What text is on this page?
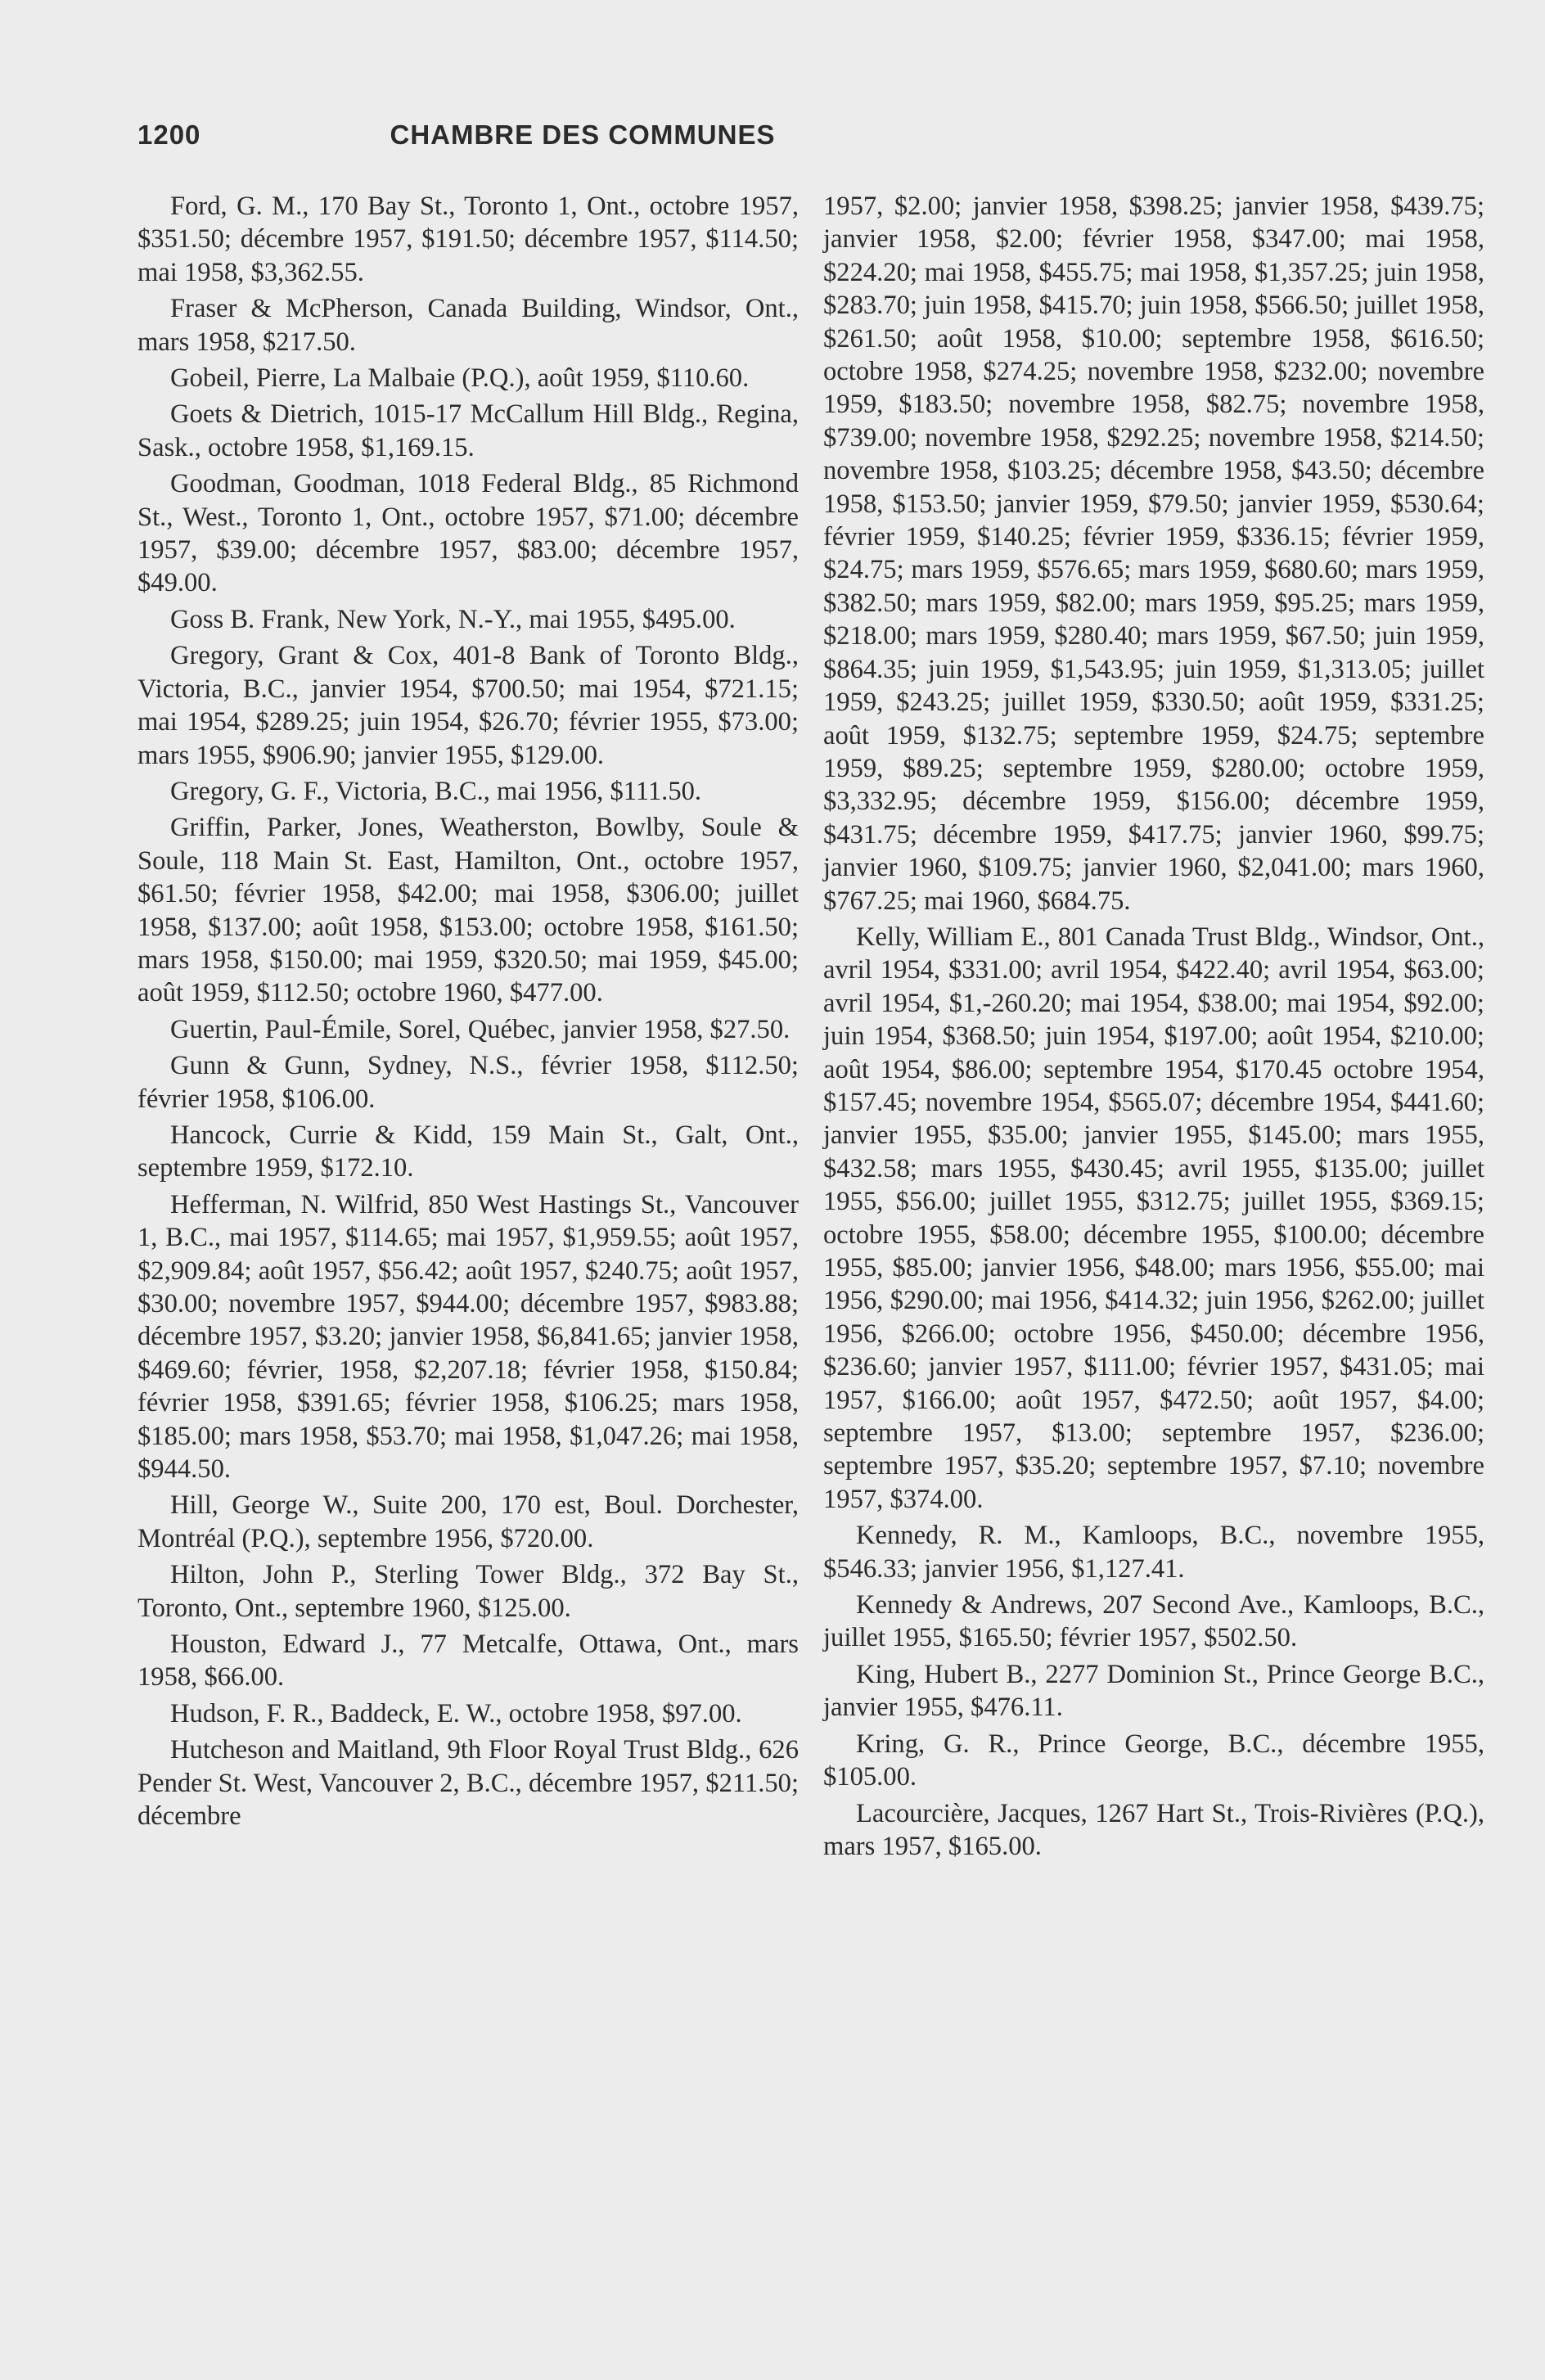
1200	CHAMBRE DES COMMUNES

Ford, G. M., 170 Bay St., Toronto 1, Ont., octobre 1957, $351.50; décembre 1957, $191.50; décembre 1957, $114.50; mai 1958, $3,362.55.

Fraser & McPherson, Canada Building, Windsor, Ont., mars 1958, $217.50.

Gobeil, Pierre, La Malbaie (P.Q.), août 1959, $110.60.

Goets & Dietrich, 1015-17 McCallum Hill Bldg., Regina, Sask., octobre 1958, $1,169.15.

Goodman, Goodman, 1018 Federal Bldg., 85 Richmond St., West., Toronto 1, Ont., octobre 1957, $71.00; décembre 1957, $39.00; décembre 1957, $83.00; décembre 1957, $49.00.

Goss B. Frank, New York, N.-Y., mai 1955, $495.00.

Gregory, Grant & Cox, 401-8 Bank of Toronto Bldg., Victoria, B.C., janvier 1954, $700.50; mai 1954, $721.15; mai 1954, $289.25; juin 1954, $26.70; février 1955, $73.00; mars 1955, $906.90; janvier 1955, $129.00.

Gregory, G. F., Victoria, B.C., mai 1956, $111.50.

Griffin, Parker, Jones, Weatherston, Bowlby, Soule & Soule, 118 Main St. East, Hamilton, Ont., octobre 1957, $61.50; février 1958, $42.00; mai 1958, $306.00; juillet 1958, $137.00; août 1958, $153.00; octobre 1958, $161.50; mars 1958, $150.00; mai 1959, $320.50; mai 1959, $45.00; août 1959, $112.50; octobre 1960, $477.00.

Guertin, Paul-Émile, Sorel, Québec, janvier 1958, $27.50.

Gunn & Gunn, Sydney, N.S., février 1958, $112.50; février 1958, $106.00.

Hancock, Currie & Kidd, 159 Main St., Galt, Ont., septembre 1959, $172.10.

Hefferman, N. Wilfrid, 850 West Hastings St., Vancouver 1, B.C., mai 1957, $114.65; mai 1957, $1,959.55; août 1957, $2,909.84; août 1957, $56.42; août 1957, $240.75; août 1957, $30.00; novembre 1957, $944.00; décembre 1957, $983.88; décembre 1957, $3.20; janvier 1958, $6,841.65; janvier 1958, $469.60; février, 1958, $2,207.18; février 1958, $150.84; février 1958, $391.65; février 1958, $106.25; mars 1958, $185.00; mars 1958, $53.70; mai 1958, $1,047.26; mai 1958, $944.50.

Hill, George W., Suite 200, 170 est, Boul. Dorchester, Montréal (P.Q.), septembre 1956, $720.00.

Hilton, John P., Sterling Tower Bldg., 372 Bay St., Toronto, Ont., septembre 1960, $125.00.

Houston, Edward J., 77 Metcalfe, Ottawa, Ont., mars 1958, $66.00.

Hudson, F. R., Baddeck, E. W., octobre 1958, $97.00.

Hutcheson and Maitland, 9th Floor Royal Trust Bldg., 626 Pender St. West, Vancouver 2, B.C., décembre 1957, $211.50; décembre

1957, $2.00; janvier 1958, $398.25; janvier 1958, $439.75; janvier 1958, $2.00; février 1958, $347.00; mai 1958, $224.20; mai 1958, $455.75; mai 1958, $1,357.25; juin 1958, $283.70; juin 1958, $415.70; juin 1958, $566.50; juillet 1958, $261.50; août 1958, $10.00; septembre 1958, $616.50; octobre 1958, $274.25; novembre 1958, $232.00; novembre 1959, $183.50; novembre 1958, $82.75; novembre 1958, $739.00; novembre 1958, $292.25; novembre 1958, $214.50; novembre 1958, $103.25; décembre 1958, $43.50; décembre 1958, $153.50; janvier 1959, $79.50; janvier 1959, $530.64; février 1959, $140.25; février 1959, $336.15; février 1959, $24.75; mars 1959, $576.65; mars 1959, $680.60; mars 1959, $382.50; mars 1959, $82.00; mars 1959, $95.25; mars 1959, $218.00; mars 1959, $280.40; mars 1959, $67.50; juin 1959, $864.35; juin 1959, $1,543.95; juin 1959, $1,313.05; juillet 1959, $243.25; juillet 1959, $330.50; août 1959, $331.25; août 1959, $132.75; septembre 1959, $24.75; septembre 1959, $89.25; septembre 1959, $280.00; octobre 1959, $3,332.95; décembre 1959, $156.00; décembre 1959, $431.75; décembre 1959, $417.75; janvier 1960, $99.75; janvier 1960, $109.75; janvier 1960, $2,041.00; mars 1960, $767.25; mai 1960, $684.75.

Kelly, William E., 801 Canada Trust Bldg., Windsor, Ont., avril 1954, $331.00; avril 1954, $422.40; avril 1954, $63.00; avril 1954, $1,-260.20; mai 1954, $38.00; mai 1954, $92.00; juin 1954, $368.50; juin 1954, $197.00; août 1954, $210.00; août 1954, $86.00; septembre 1954, $170.45 octobre 1954, $157.45; novembre 1954, $565.07; décembre 1954, $441.60; janvier 1955, $35.00; janvier 1955, $145.00; mars 1955, $432.58; mars 1955, $430.45; avril 1955, $135.00; juillet 1955, $56.00; juillet 1955, $312.75; juillet 1955, $369.15; octobre 1955, $58.00; décembre 1955, $100.00; décembre 1955, $85.00; janvier 1956, $48.00; mars 1956, $55.00; mai 1956, $290.00; mai 1956, $414.32; juin 1956, $262.00; juillet 1956, $266.00; octobre 1956, $450.00; décembre 1956, $236.60; janvier 1957, $111.00; février 1957, $431.05; mai 1957, $166.00; août 1957, $472.50; août 1957, $4.00; septembre 1957, $13.00; septembre 1957, $236.00; septembre 1957, $35.20; septembre 1957, $7.10; novembre 1957, $374.00.

Kennedy, R. M., Kamloops, B.C., novembre 1955, $546.33; janvier 1956, $1,127.41.

Kennedy & Andrews, 207 Second Ave., Kamloops, B.C., juillet 1955, $165.50; février 1957, $502.50.

King, Hubert B., 2277 Dominion St., Prince George B.C., janvier 1955, $476.11.

Kring, G. R., Prince George, B.C., décembre 1955, $105.00.

Lacourcière, Jacques, 1267 Hart St., Trois-Rivières (P.Q.), mars 1957, $165.00.
